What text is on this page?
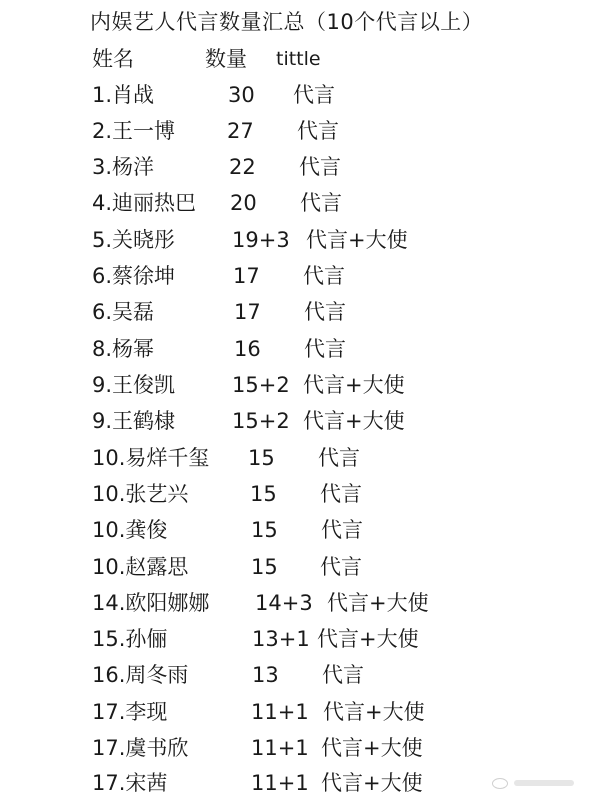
内娱艺人代言数量汇总（10个代言以上）
姓名	数量 tittle
1.肖战	30 代言
2.王一博 27 代言
3.杨洋	22 代言
4.迪丽热巴 20 代言
5.关晓彤	19+3 代言+大使
6.蔡徐坤	17 代言
6.吴磊	17 代言
8.杨幂	16 代言
9.王俊凯	15+2 代言+大使
9.王鹤棣	15+2 代言+大使
10.易烊千玺 15 代言
10.张艺兴	15 代言
10.龚俊	15 代言
10.赵露思	15 代言
14.欧阳娜娜 14+3 代言+大使
15.孙俪	13+1 代言+大使
16.周冬雨	13 代言
17.李现	11+1 代言+大使
17.虞书欣	11+1 代言+大使
17.宋茜	11+1 代言+大使
